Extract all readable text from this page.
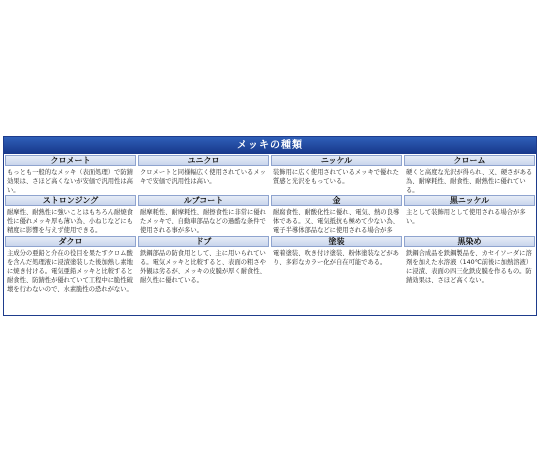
メッキの種類
クロメート
もっとも一般的なメッキ（表面処理）で防錆効果は、さほど高くないが安価で汎用性は高い。
ユニクロ
クロメートと同様幅広く使用されているメッキで安価で汎用性は高い。
ニッケル
装飾用に広く使用されているメッキで優れた質感と光沢をもっている。
クローム
硬くと高度な光沢が得られ、又、硬さがある為、耐摩耗性、耐食性、耐熱性に優れている。
ストロンジング
耐摩性、耐熱性に強いことはもちろん耐焼食性に優れメッキ厚も薄い為、小ねじなどにも精度に影響を与えず使用できる。
ルブコート
耐摩耗性、耐摩耗性、耐擦食性に非常に優れたメッキで、自動車部品などの過酷な条件で使用される事が多い。
金
耐腐食性、耐酸化性に優れ、電気、熱の良導体である。又、電気抵抗も極めて少ない為、電子半導体部品などに使用される場合が多
黒ニッケル
主として装飾用として使用される場合が多い。
ダクロ
主成分の亜鉛と介在の役目を果たすクロム酸を含んだ処理液に浸漬塗装した後加熱し素地に焼き付ける。電気亜鉛メッキと比較すると耐食性、防錆性が優れていて工程中に脆性破壊を行わないので、水素脆性の恐れがない。
ドブ
鉄鋼部品の防食用として、主に用いられている。電気メッキと比較すると、表面の粗さや外観は劣るが、メッキの皮膜が厚く耐食性、耐久性に優れている。
塗装
電着塗装、吹き付け塗装、粉体塗装などがあり、多彩なカラー化が自在可能である。
黒染め
鉄鋼合成品を鉄鋼製品を、カセイソーダに溶剤を加えた水溶液（140℃前後に加熱溶液）に浸漬、表面の四三化鉄皮膜を作るもの。防錆効果は、さほど高くない。
